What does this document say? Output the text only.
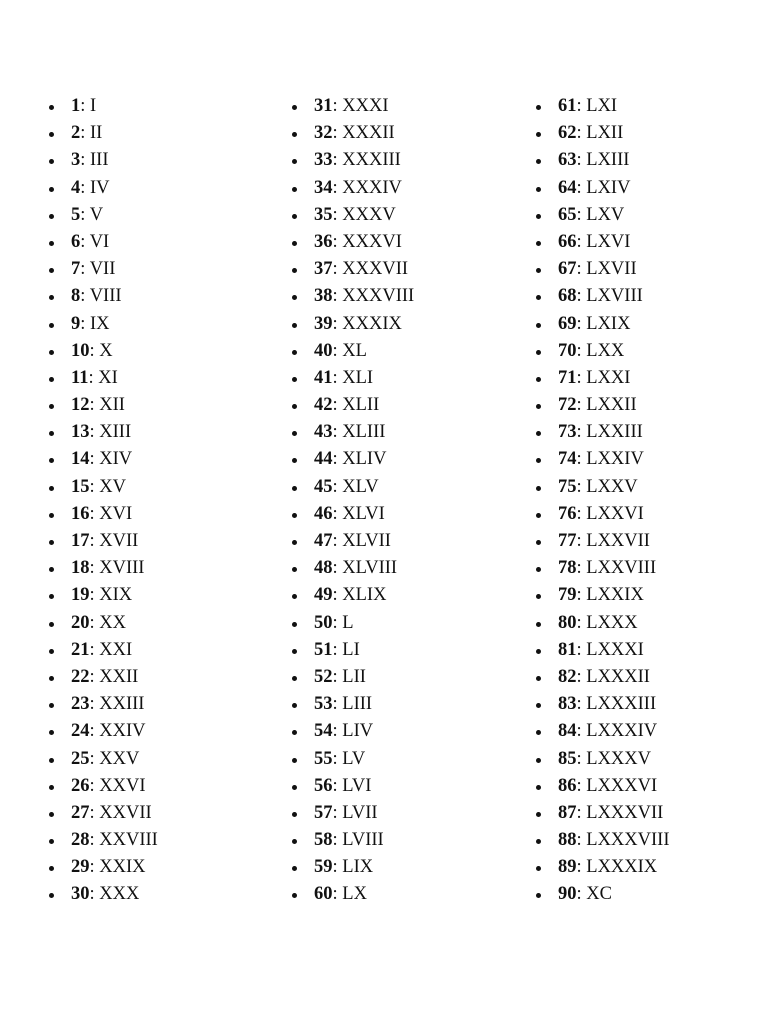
1: I
2: II
3: III
4: IV
5: V
6: VI
7: VII
8: VIII
9: IX
10: X
11: XI
12: XII
13: XIII
14: XIV
15: XV
16: XVI
17: XVII
18: XVIII
19: XIX
20: XX
21: XXI
22: XXII
23: XXIII
24: XXIV
25: XXV
26: XXVI
27: XXVII
28: XXVIII
29: XXIX
30: XXX
31: XXXI
32: XXXII
33: XXXIII
34: XXXIV
35: XXXV
36: XXXVI
37: XXXVII
38: XXXVIII
39: XXXIX
40: XL
41: XLI
42: XLII
43: XLIII
44: XLIV
45: XLV
46: XLVI
47: XLVII
48: XLVIII
49: XLIX
50: L
51: LI
52: LII
53: LIII
54: LIV
55: LV
56: LVI
57: LVII
58: LVIII
59: LIX
60: LX
61: LXI
62: LXII
63: LXIII
64: LXIV
65: LXV
66: LXVI
67: LXVII
68: LXVIII
69: LXIX
70: LXX
71: LXXI
72: LXXII
73: LXXIII
74: LXXIV
75: LXXV
76: LXXVI
77: LXXVII
78: LXXVIII
79: LXXIX
80: LXXX
81: LXXXI
82: LXXXII
83: LXXXIII
84: LXXXIV
85: LXXXV
86: LXXXVI
87: LXXXVII
88: LXXXVIII
89: LXXXIX
90: XC
